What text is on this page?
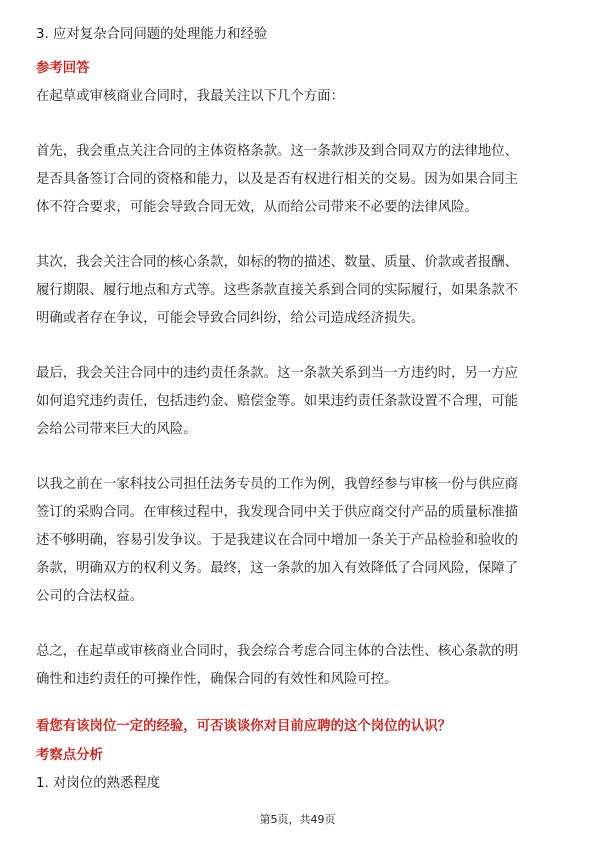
3. 应对复杂合同问题的处理能力和经验
参考回答
在起草或审核商业合同时，我最关注以下几个方面：
首先，我会重点关注合同的主体资格条款。这一条款涉及到合同双方的法律地位、
是否具备签订合同的资格和能力，以及是否有权进行相关的交易。因为如果合同主
体不符合要求，可能会导致合同无效，从而给公司带来不必要的法律风险。
其次，我会关注合同的核心条款，如标的物的描述、数量、质量、价款或者报酬、
履行期限、履行地点和方式等。这些条款直接关系到合同的实际履行，如果条款不
明确或者存在争议，可能会导致合同纠纷，给公司造成经济损失。
最后，我会关注合同中的违约责任条款。这一条款关系到当一方违约时，另一方应
如何追究违约责任，包括违约金、赔偿金等。如果违约责任条款设置不合理，可能
会给公司带来巨大的风险。
以我之前在一家科技公司担任法务专员的工作为例，我曾经参与审核一份与供应商
签订的采购合同。在审核过程中，我发现合同中关于供应商交付产品的质量标准描
述不够明确，容易引发争议。于是我建议在合同中增加一条关于产品检验和验收的
条款，明确双方的权利义务。最终，这一条款的加入有效降低了合同风险，保障了
公司的合法权益。
总之，在起草或审核商业合同时，我会综合考虑合同主体的合法性、核心条款的明
确性和违约责任的可操作性，确保合同的有效性和风险可控。
看您有该岗位一定的经验，可否谈谈你对目前应聘的这个岗位的认识？
考察点分析
1. 对岗位的熟悉程度
第5页，共49页
